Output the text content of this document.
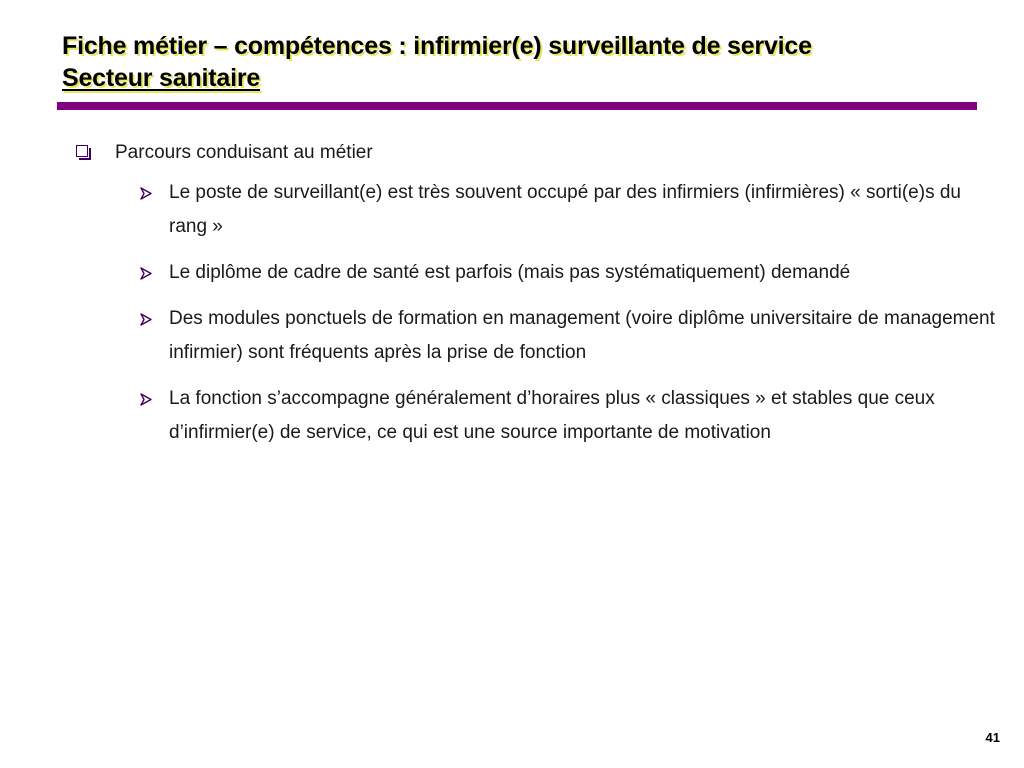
Fiche métier – compétences : infirmier(e) surveillante de service
Secteur sanitaire
Parcours conduisant au métier
Le poste de surveillant(e) est très souvent occupé par des infirmiers (infirmières) « sorti(e)s du rang »
Le diplôme de cadre de santé est parfois (mais pas systématiquement) demandé
Des modules ponctuels de formation en management (voire diplôme universitaire de management infirmier) sont fréquents après la prise de fonction
La fonction s’accompagne généralement d’horaires plus « classiques » et stables que ceux d’infirmier(e) de service, ce qui est une source importante de motivation
41
